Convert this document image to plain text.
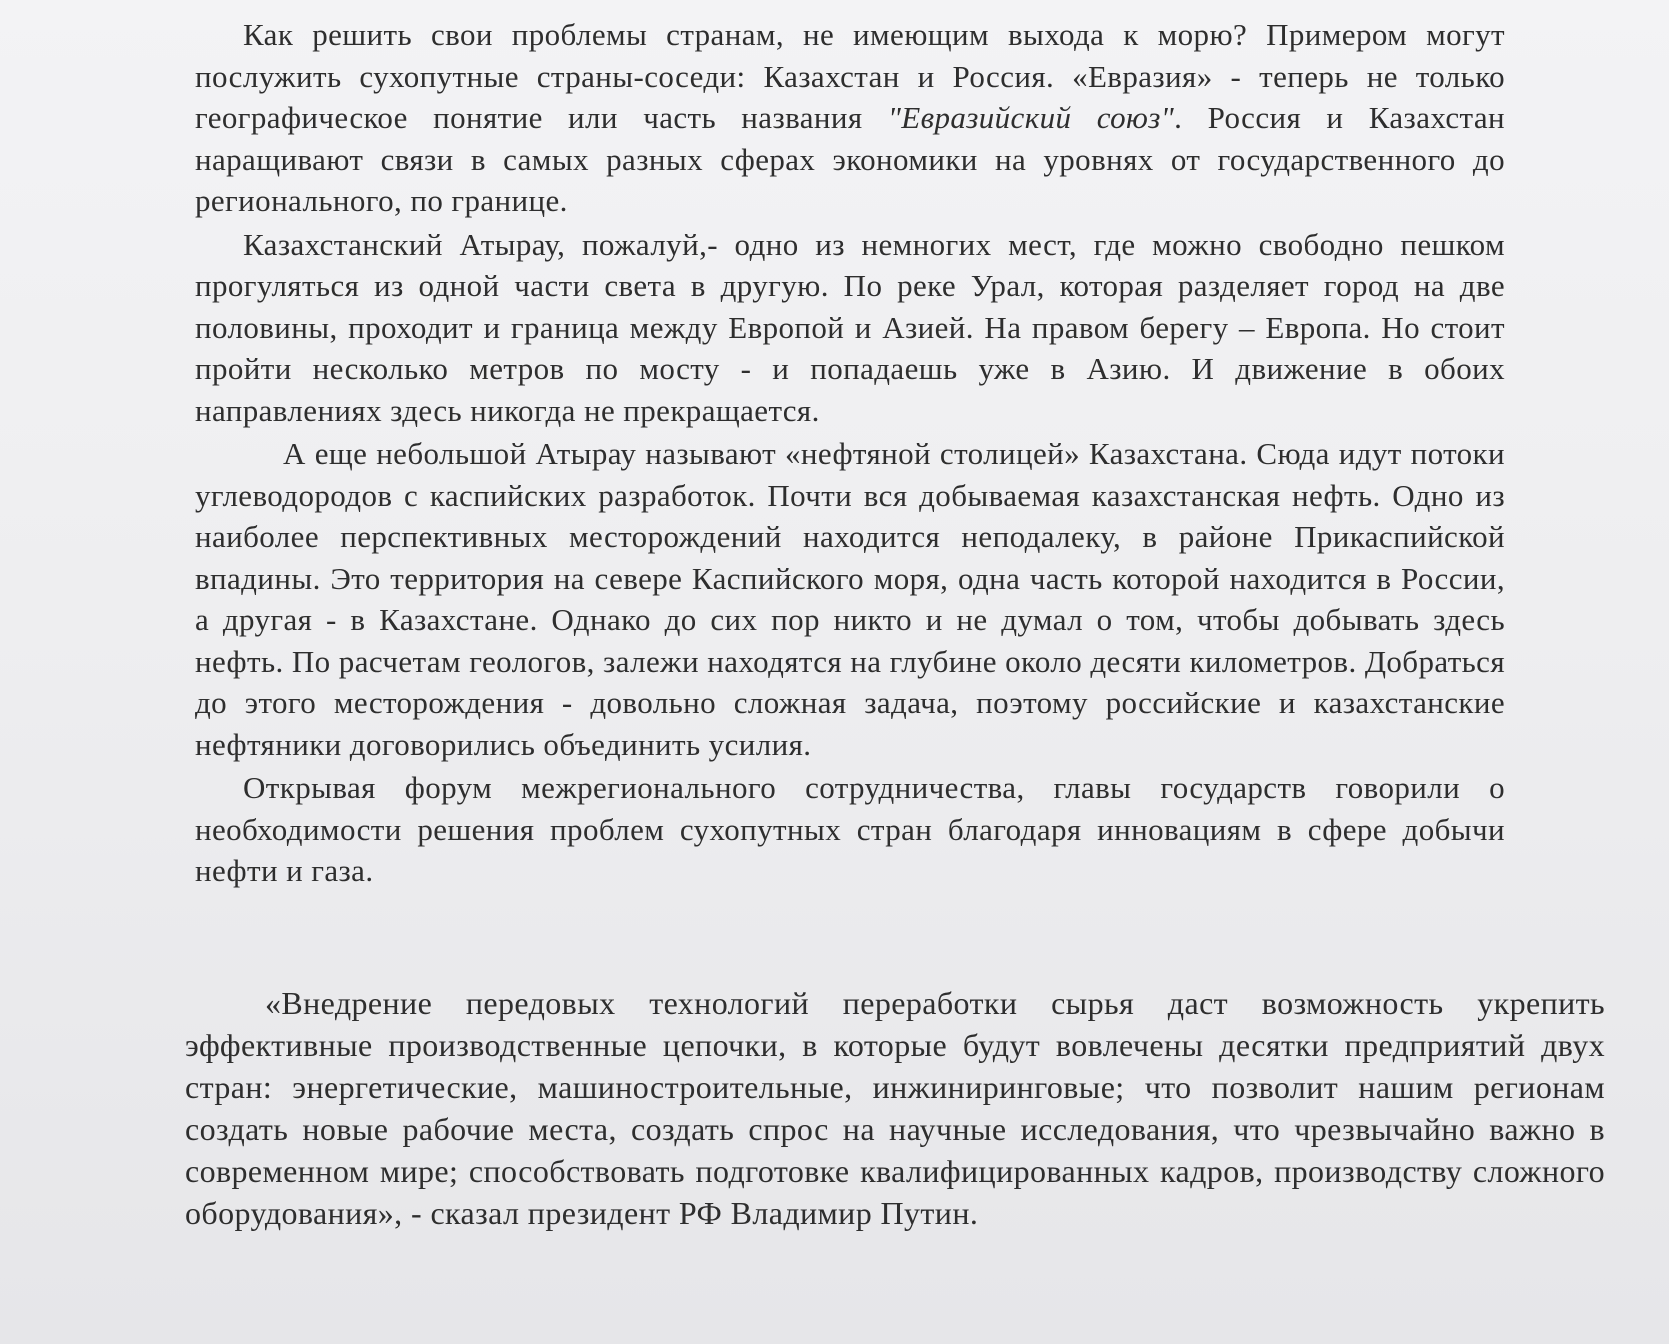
Как решить свои проблемы странам, не имеющим выхода к морю? Примером могут послужить сухопутные страны-соседи: Казахстан и Россия. «Евразия» - теперь не только географическое понятие или часть названия "Евразийский союз". Россия и Казахстан наращивают связи в самых разных сферах экономики на уровнях от государственного до регионального, по границе.

Казахстанский Атырау, пожалуй,- одно из немногих мест, где можно свободно пешком прогуляться из одной части света в другую. По реке Урал, которая разделяет город на две половины, проходит и граница между Европой и Азией. На правом берегу – Европа. Но стоит пройти несколько метров по мосту - и попадаешь уже в Азию. И движение в обоих направлениях здесь никогда не прекращается.

А еще небольшой Атырау называют «нефтяной столицей» Казахстана. Сюда идут потоки углеводородов с каспийских разработок. Почти вся добываемая казахстанская нефть. Одно из наиболее перспективных месторождений находится неподалеку, в районе Прикаспийской впадины. Это территория на севере Каспийского моря, одна часть которой находится в России, а другая - в Казахстане. Однако до сих пор никто и не думал о том, чтобы добывать здесь нефть. По расчетам геологов, залежи находятся на глубине около десяти километров. Добраться до этого месторождения - довольно сложная задача, поэтому российские и казахстанские нефтяники договорились объединить усилия.

Открывая форум межрегионального сотрудничества, главы государств говорили о необходимости решения проблем сухопутных стран благодаря инновациям в сфере добычи нефти и газа.

«Внедрение передовых технологий переработки сырья даст возможность укрепить эффективные производственные цепочки, в которые будут вовлечены десятки предприятий двух стран: энергетические, машиностроительные, инжиниринговые; что позволит нашим регионам создать новые рабочие места, создать спрос на научные исследования, что чрезвычайно важно в современном мире; способствовать подготовке квалифицированных кадров, производству сложного оборудования», - сказал президент РФ Владимир Путин.
